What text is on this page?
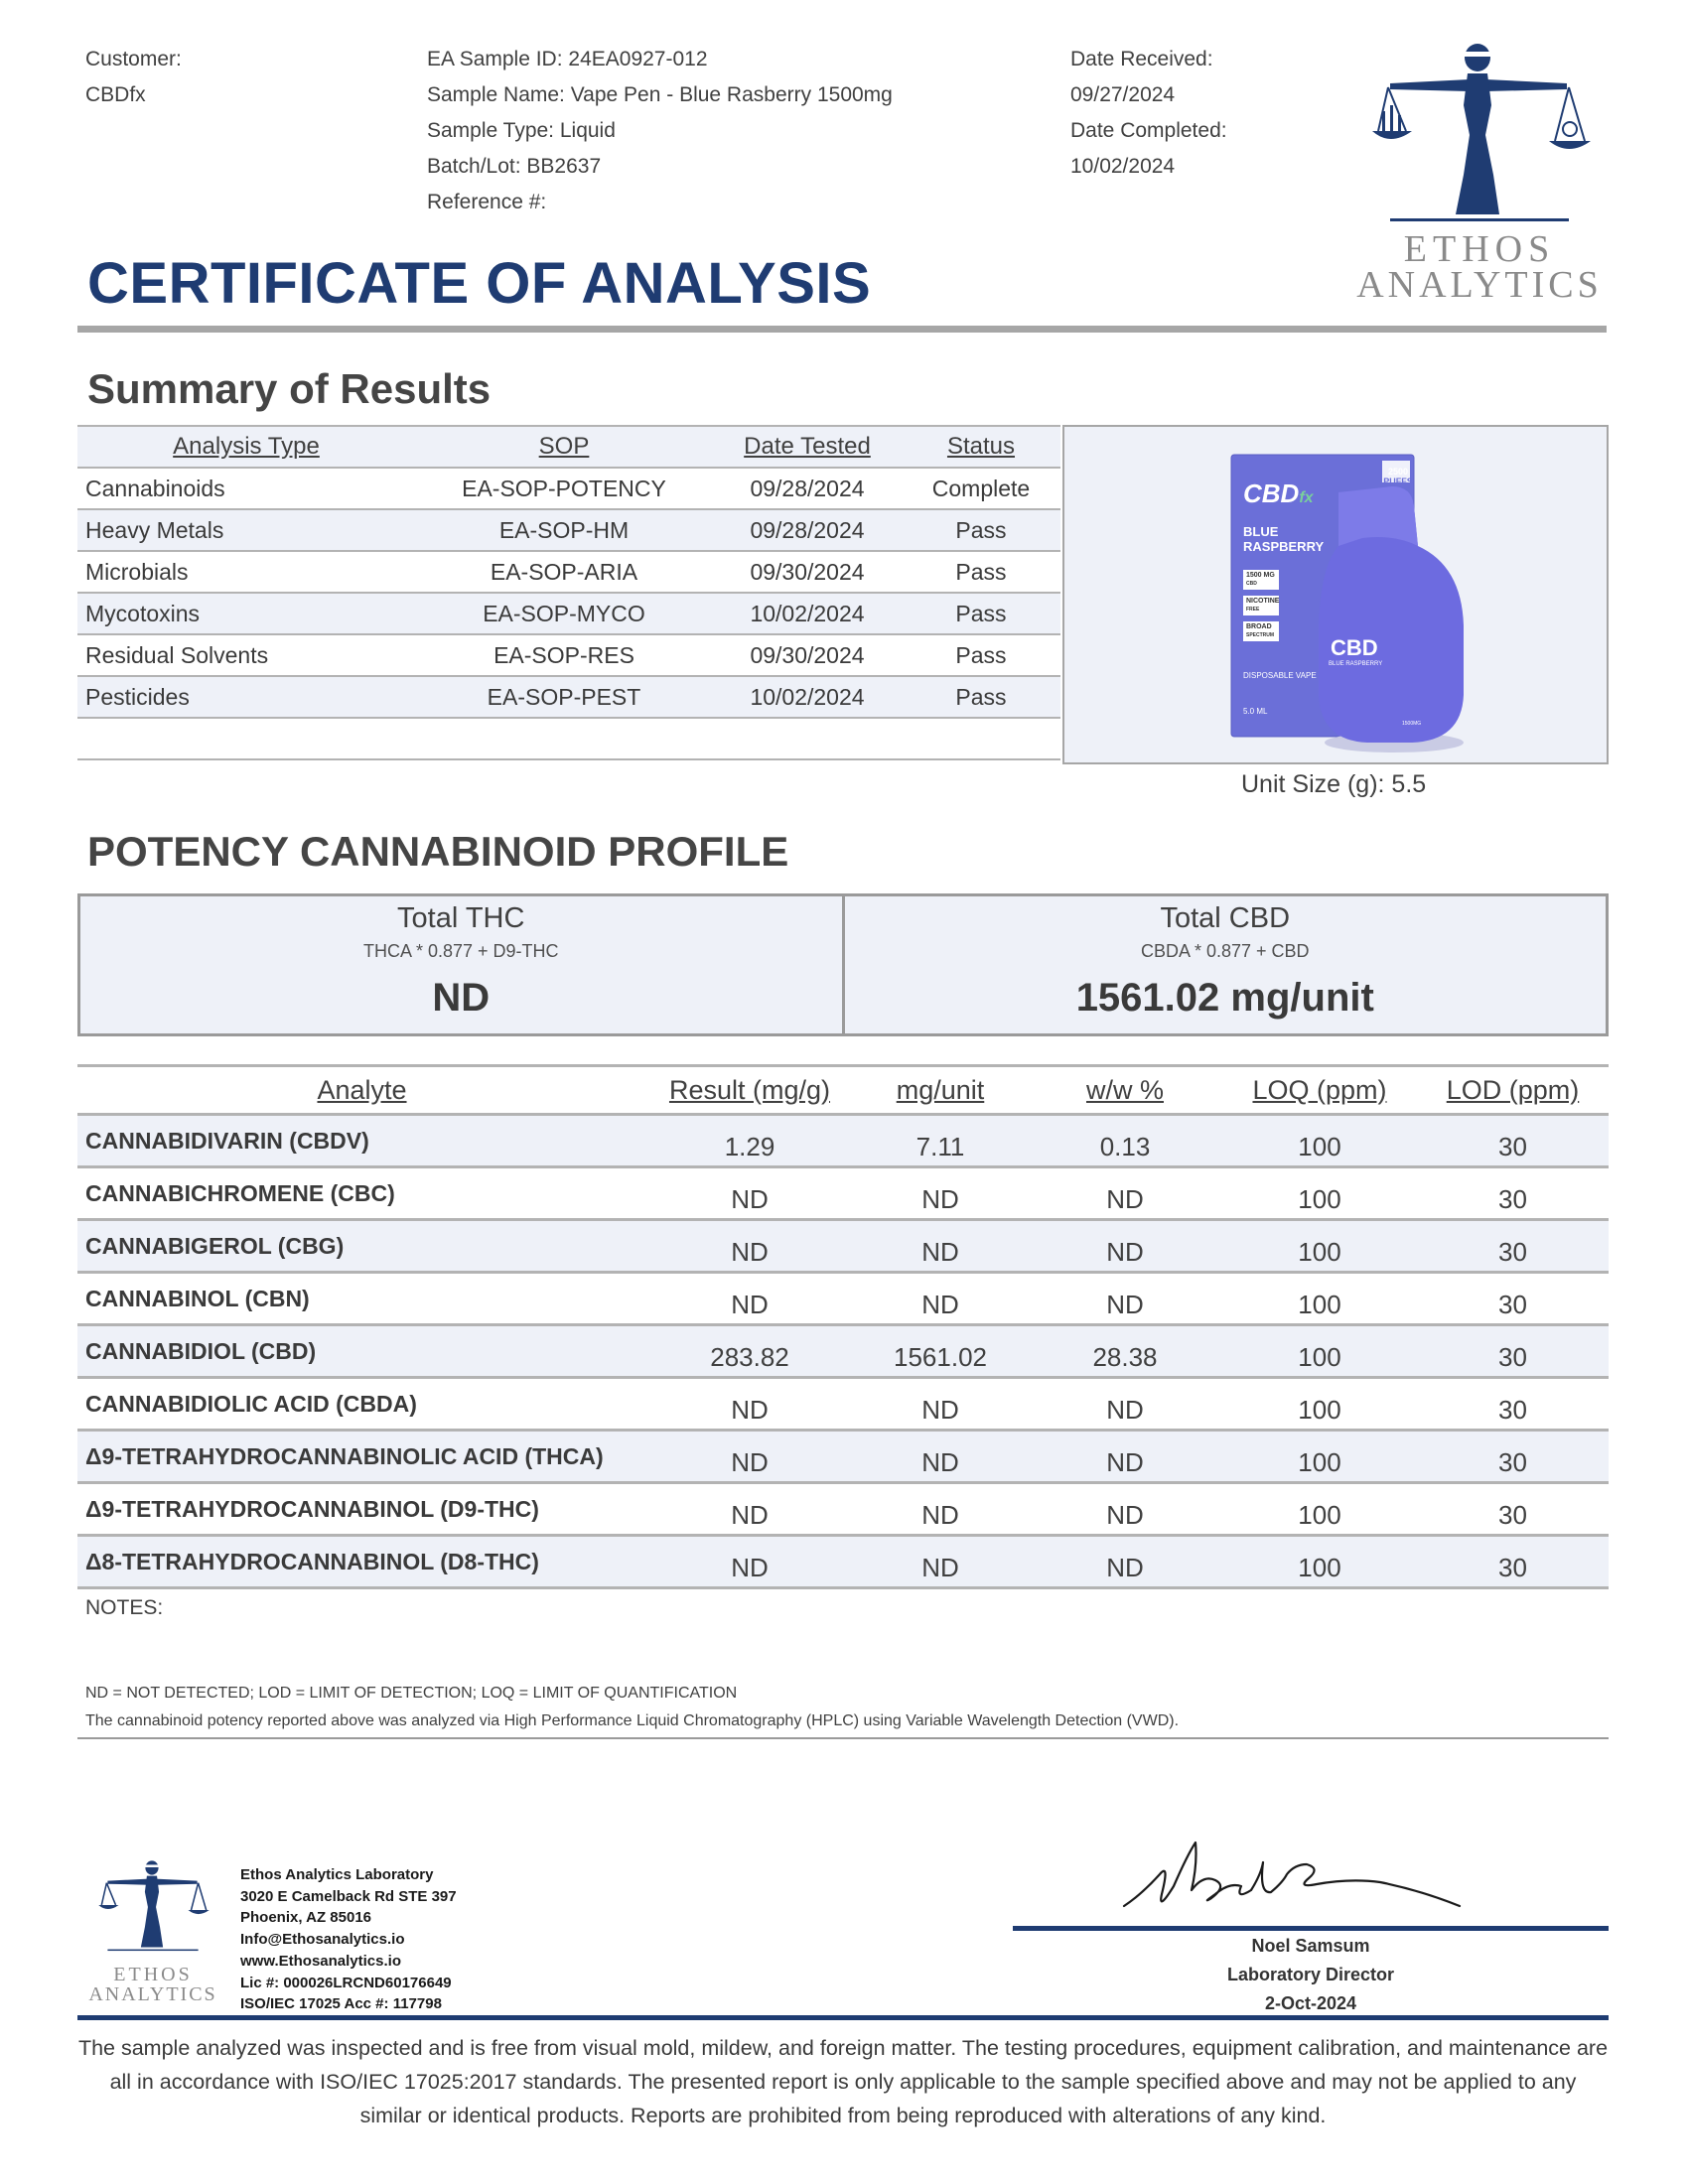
Customer:
CBDfx
EA Sample ID: 24EA0927-012
Sample Name: Vape Pen - Blue Rasberry 1500mg
Sample Type: Liquid
Batch/Lot: BB2637
Reference #:
Date Received:
09/27/2024
Date Completed:
10/02/2024
ETHOS
ANALYTICS
CERTIFICATE OF ANALYSIS
Summary of Results
Analysis Type	SOP	Date Tested	Status
Cannabinoids	EA-SOP-POTENCY	09/28/2024	Complete
Heavy Metals	EA-SOP-HM	09/28/2024	Pass
Microbials	EA-SOP-ARIA	09/30/2024	Pass
Mycotoxins	EA-SOP-MYCO	10/02/2024	Pass
Residual Solvents	EA-SOP-RES	09/30/2024	Pass
Pesticides	EA-SOP-PEST	10/02/2024	Pass
CBDfx
2500
PUFFS
BLUE
RASPBERRY
1500 MG
CBD
NICOTINE
FREE
BROAD
SPECTRUM
DISPOSABLE VAPE
5.0 ML
CBD
BLUE RASPBERRY
1500MG
Unit Size (g): 5.5
POTENCY CANNABINOID PROFILE
Total THC
THCA * 0.877 + D9-THC
ND
Total CBD
CBDA * 0.877 + CBD
1561.02 mg/unit
Analyte	Result (mg/g)	mg/unit	w/w %	LOQ (ppm)	LOD (ppm)
CANNABIDIVARIN (CBDV)	1.29	7.11	0.13	100	30
CANNABICHROMENE (CBC)	ND	ND	ND	100	30
CANNABIGEROL (CBG)	ND	ND	ND	100	30
CANNABINOL (CBN)	ND	ND	ND	100	30
CANNABIDIOL (CBD)	283.82	1561.02	28.38	100	30
CANNABIDIOLIC ACID (CBDA)	ND	ND	ND	100	30
Δ9-TETRAHYDROCANNABINOLIC ACID (THCA)	ND	ND	ND	100	30
Δ9-TETRAHYDROCANNABINOL (D9-THC)	ND	ND	ND	100	30
Δ8-TETRAHYDROCANNABINOL (D8-THC)	ND	ND	ND	100	30
NOTES:
ND = NOT DETECTED; LOD = LIMIT OF DETECTION; LOQ = LIMIT OF QUANTIFICATION
The cannabinoid potency reported above was analyzed via High Performance Liquid Chromatography (HPLC) using Variable Wavelength Detection (VWD).
ETHOS
ANALYTICS
Ethos Analytics Laboratory
3020 E Camelback Rd STE 397
Phoenix, AZ 85016
Info@Ethosanalytics.io
www.Ethosanalytics.io
Lic #: 000026LRCND60176649
ISO/IEC 17025 Acc #: 117798
Noel Samsum
Laboratory Director
2-Oct-2024
The sample analyzed was inspected and is free from visual mold, mildew, and foreign matter. The testing procedures, equipment calibration, and maintenance are all in accordance with ISO/IEC 17025:2017 standards. The presented report is only applicable to the sample specified above and may not be applied to any similar or identical products. Reports are prohibited from being reproduced with alterations of any kind.
